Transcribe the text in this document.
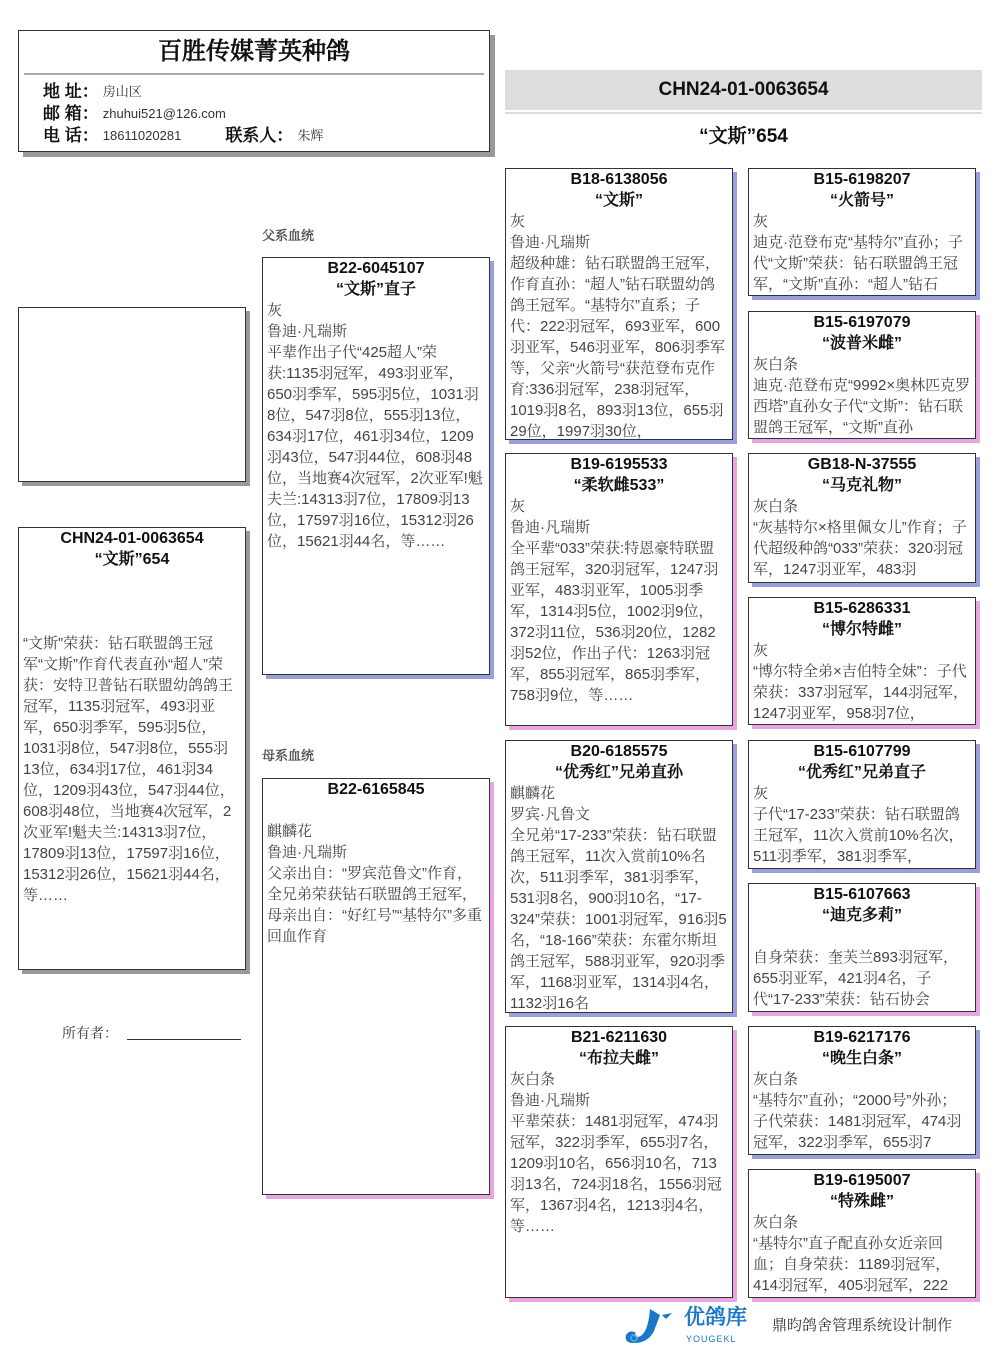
百胜传媒菁英种鸽
地 址： 房山区
邮 箱： zhuhui521@126.com
电 话： 18611020281	联系人： 朱辉
CHN24-01-0063654
“文斯”654
父系血统
母系血统
CHN24-01-0063654
“文斯”654
“文斯”荣获：钻石联盟鸽王冠军“文斯”作育代表直孙“超人”荣获：安特卫普钻石联盟幼鸽鸽王冠军，1135羽冠军，493羽亚军，650羽季军，595羽5位，1031羽8位，547羽8位，555羽13位，634羽17位，461羽34位，1209羽43位，547羽44位，608羽48位，当地赛4次冠军，2次亚军!魁夫兰:14313羽7位，17809羽13位，17597羽16位，15312羽26位，15621羽44名，等……
B22-6045107
“文斯”直子
灰
鲁迪·凡瑞斯
平辈作出子代“425超人”荣获:1135羽冠军，493羽亚军，650羽季军，595羽5位，1031羽8位，547羽8位，555羽13位，634羽17位，461羽34位，1209羽43位，547羽44位，608羽48位，当地赛4次冠军，2次亚军!魁夫兰:14313羽7位，17809羽13位，17597羽16位，15312羽26位，15621羽44名，等……
B22-6165845
麒麟花
鲁迪·凡瑞斯
父亲出自：“罗宾范鲁文”作育，全兄弟荣获钻石联盟鸽王冠军，母亲出自：“好红号”“基特尔”多重回血作育
B18-6138056
“文斯”
灰
鲁迪·凡瑞斯
超级种雄：钻石联盟鸽王冠军，作育直孙：“超人”钻石联盟幼鸽鸽王冠军。“基特尔”直系；子代：222羽冠军，693亚军，600羽亚军，546羽亚军，806羽季军等，父亲“火箭号“获范登布克作育:336羽冠军，238羽冠军，1019羽8名，893羽13位，655羽29位，1997羽30位，
B19-6195533
“柔软雌533”
灰
鲁迪·凡瑞斯
全平辈“033”荣获:特恩豪特联盟鸽王冠军，320羽冠军，1247羽亚军，483羽亚军，1005羽季军，1314羽5位，1002羽9位，372羽11位，536羽20位，1282羽52位，作出子代：1263羽冠军，855羽冠军，865羽季军，758羽9位，等……
B20-6185575
“优秀红”兄弟直孙
麒麟花
罗宾·凡鲁文
全兄弟“17-233”荣获：钻石联盟鸽王冠军，11次入赏前10%名次，511羽季军，381羽季军，531羽8名，900羽10名，“17-324”荣获：1001羽冠军，916羽5名，“18-166”荣获：东霍尔斯坦鸽王冠军，588羽亚军，920羽季军，1168羽亚军，1314羽4名，1132羽16名
B21-6211630
“布拉夫雌”
灰白条
鲁迪·凡瑞斯
平辈荣获：1481羽冠军，474羽冠军，322羽季军，655羽7名，1209羽10名，656羽10名，713羽13名，724羽18名，1556羽冠军，1367羽4名，1213羽4名，等……
B15-6198207
“火箭号”
灰
迪克·范登布克“基特尔”直孙；子代“文斯”荣获：钻石联盟鸽王冠军，“文斯”直孙：“超人”钻石
B15-6197079
“波普米雌”
灰白条
迪克·范登布克“9992×奥林匹克罗西塔”直孙女子代“文斯”：钻石联盟鸽王冠军，“文斯”直孙
GB18-N-37555
“马克礼物”
灰白条
“灰基特尔×格里佩女儿”作育；子代超级种鸽“033”荣获：320羽冠军，1247羽亚军，483羽
B15-6286331
“博尔特雌”
灰
“博尔特全弟×吉伯特全妹”：子代荣获：337羽冠军，144羽冠军，1247羽亚军，958羽7位，
B15-6107799
“优秀红”兄弟直子
灰
子代“17-233”荣获：钻石联盟鸽王冠军，11次入赏前10%名次，511羽季军，381羽季军，
B15-6107663
“迪克多莉”
自身荣获：奎芙兰893羽冠军，655羽亚军，421羽4名，子代“17-233”荣获：钻石协会
B19-6217176
“晚生白条”
灰白条
“基特尔”直孙；“2000号”外孙；子代荣获：1481羽冠军，474羽冠军，322羽季军，655羽7
B19-6195007
“特殊雌”
灰白条
“基特尔”直子配直孙女近亲回血；自身荣获：1189羽冠军，414羽冠军，405羽冠军，222
所有者：
优鸽库
YOUGEKL
鼎昀鸽舍管理系统设计制作
